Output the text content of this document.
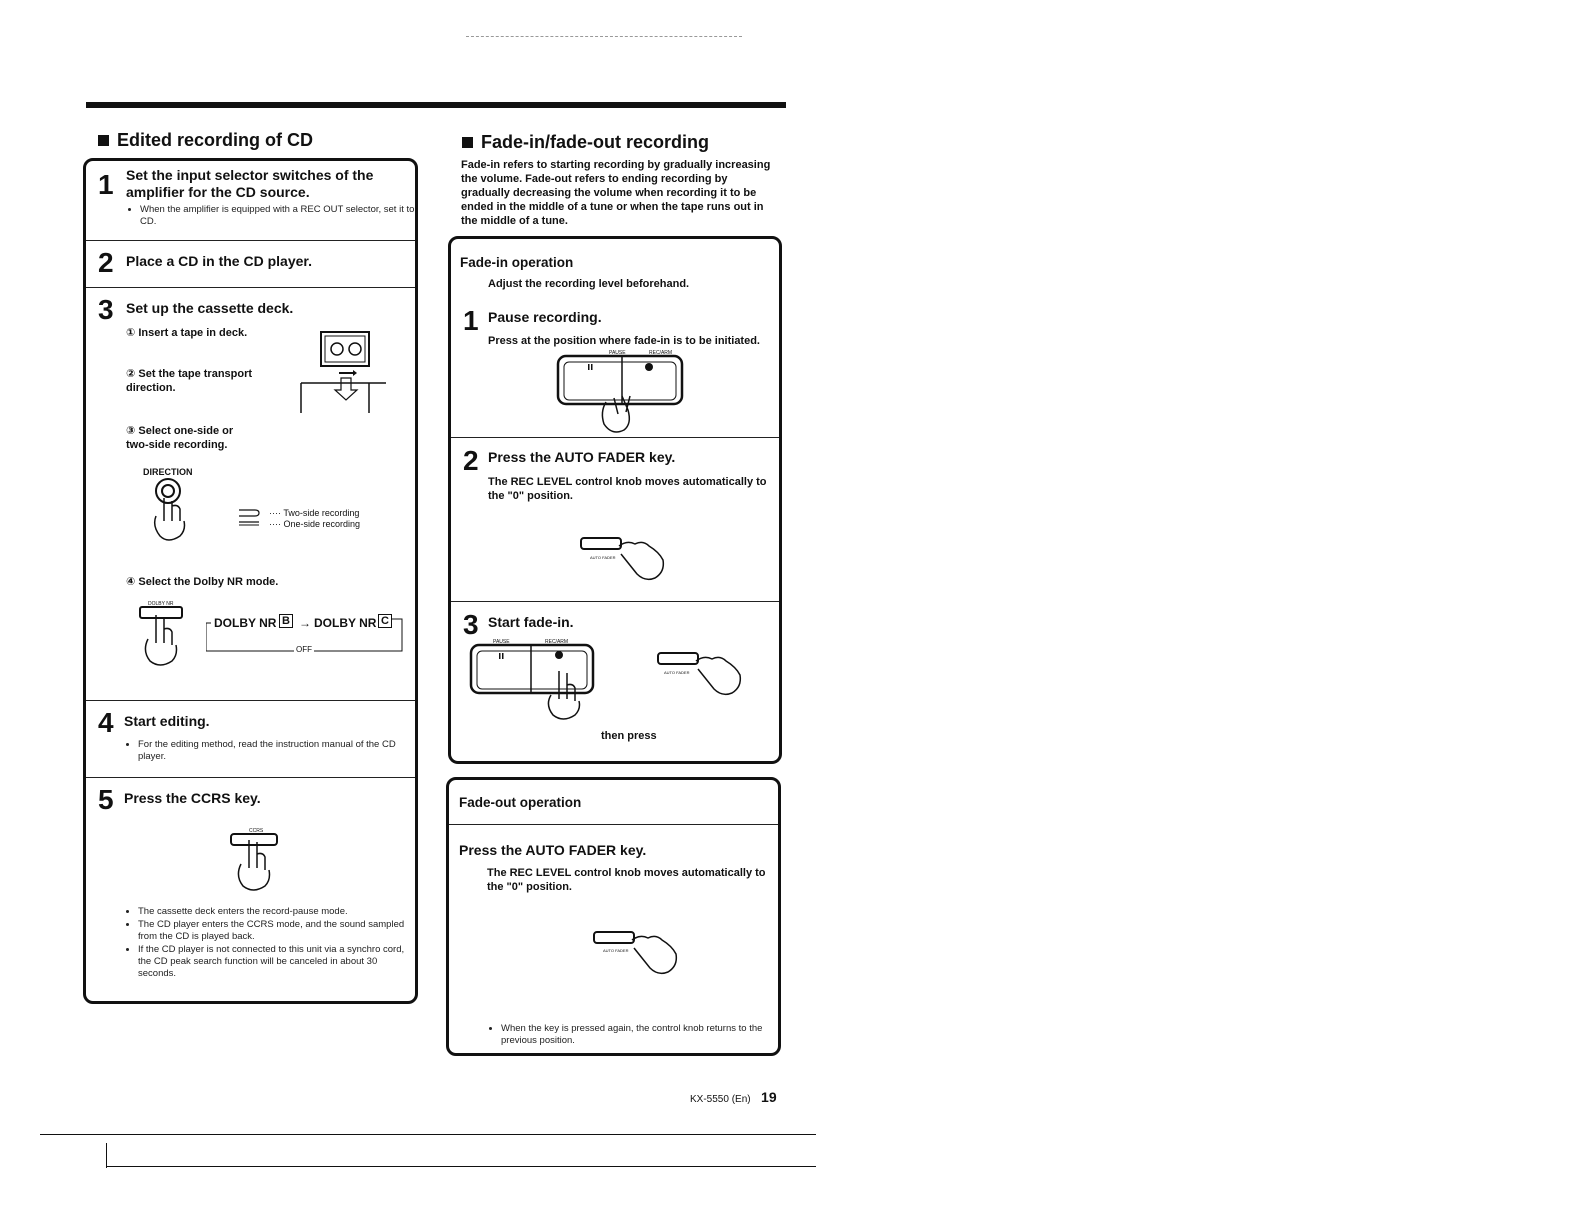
Edited recording of CD
1 Set the input selector switches of the amplifier for the CD source.
• When the amplifier is equipped with a REC OUT selector, set it to CD.
2 Place a CD in the CD player.
3 Set up the cassette deck.
① Insert a tape in deck.
② Set the tape transport direction.
③ Select one-side or two-side recording.
DIRECTION
···· Two-side recording
···· One-side recording
④ Select the Dolby NR mode.
DOLBY NR
DOLBY NR B → DOLBY NR C
OFF
4 Start editing.
• For the editing method, read the instruction manual of the CD player.
5 Press the CCRS key.
CCRS
• The cassette deck enters the record-pause mode.
• The CD player enters the CCRS mode, and the sound sampled from the CD is played back.
• If the CD player is not connected to this unit via a synchro cord, the CD peak search function will be canceled in about 30 seconds.
Fade-in/fade-out recording
Fade-in refers to starting recording by gradually increasing the volume. Fade-out refers to ending recording by gradually decreasing the volume when recording it to be ended in the middle of a tune or when the tape runs out in the middle of a tune.
Fade-in operation
Adjust the recording level beforehand.
1 Pause recording.
Press at the position where fade-in is to be initiated.
PAUSE	REC/ARM
2 Press the AUTO FADER key.
The REC LEVEL control knob moves automatically to the "0" position.
AUTO FADER
3 Start fade-in.
PAUSE	REC/ARM
AUTO FADER
then press
Fade-out operation
Press the AUTO FADER key.
The REC LEVEL control knob moves automatically to the "0" position.
AUTO FADER
• When the key is pressed again, the control knob returns to the previous position.
KX-5550 (En) 19
